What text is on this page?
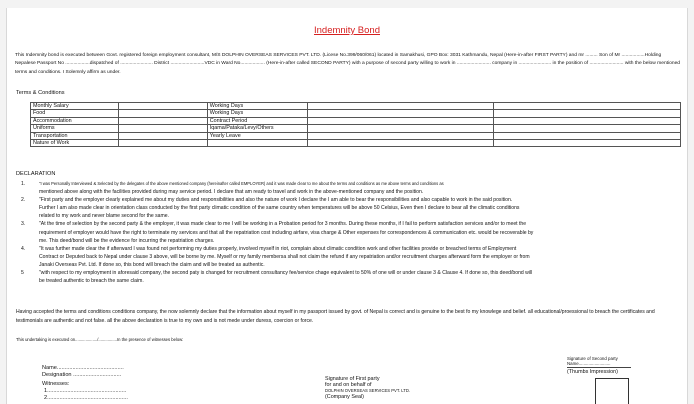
Indemnity Bond
This Indemnity bond is executed between Govt. registered foreign employment consultant, M/S DOLPHIN OVERSEAS SERVICES PVT. LTD. (Licese No.399/060/061) located in Samakhusi, GPO Box: 3031 Kathmandu, Nepal (Here-in-after FIRST PARTY) and mr ......... Son of Mr .................Holding Nepalese Passport No ..................dispatched of ........................ District .........................VDC in Ward No.................. (Here-in-after called SECOND PARTY) with a purpose of second party willing to work in ......................... company in ........................ in the position of ......................... with the below mentioned terms and conditions. I Solemnly affirm as under.
Terms & Conditions
Monthly Salary		Working Days		
Food		Working Days		
Accommodation		Contract Period		
Uniforms		Iqama/Pataka/Levy/Others		
Transportation		Yearly Leave		
Nature of Work				
DECLARATION
1.	"I was Personally Interviewed & Selected by the delegates of the above mentioned company (hereinafter called EMPLOYER) and it was made clear to me about the terms and conditions as me above terms and conditions as
mentioned above along with the facilities provided during may service period. I declare that am ready to travel and work in the above-mentioned company and the position.
2.	"First party and the employer clearly explained me about my duties and responsibilities and also the nature of work I declare the I am able to bear the responsibilities and also capable to work in the said position.
Further I am also made clear in orientation class conducted by the first party climatic condition of the same country when temperatures will be above 50 Celsius, Even then I declare to bear all the climatic conditions
related to my work and never blame second for the same.
3.	"At the time of selection by the second party & the employer, it was made clear to me I will be working in a Probation period for 3 months. During these months, if I fail to perform satisfaction services and/or to meet the
requirement of employer would have the right to terminate my services and that all the repatriation cost including airfare, visa charge & Other expenses for correspondences & communication etc. would be recoverable by
me. This deed/bond will be the evidence for incurring the repatriation charges.
4.	"It was further made clear the if afterward I was found not performing my duties properly, involved myself in riot, complain about climatic condition work and other facilities provide or breached terms of Employment
Contract or Deputed back to Nepal under clause 3 above, will be borne by me. Myself or my family membersa shall not claim the refund if any repatriation and/or recruitment charges afterward form the employer or from
Janaki Overseas Pvt. Ltd. If done so, this bond will breach the claim and will be treated as authentic.
5	"with respect to my employment in aforesaid company, the second paty is changed for recruitment consultancy fee/service chage equivalent to 50% of one will or under clause 3 & Clause 4. If done so, this deed/bond will
be treated authentic to breach the same claim.
Having accepted the terms and conditions conditions company, the now solemnly declare that the information about myself in my passport issued by govt. of Nepal is correct and is genuine to the best fo my knowlege and belief. all educational/proessional to breach the certificates and testimonials are authentic and not false. all the above declaration is true to my own and is not mede under duress, coercion or force.
This undertaking is executed on.................../................In the presence of witnesses below:
Name...........................................
Designation ...............................
Witnesses:
1...................................................
2....................................................
Signature of First party
for and on behalf of
DOLPHIN OVERSEAS SERVICES PVT. LTD.
(Company Seal)
Signature of Second party
Name..........................
(Thumbs Impression)
